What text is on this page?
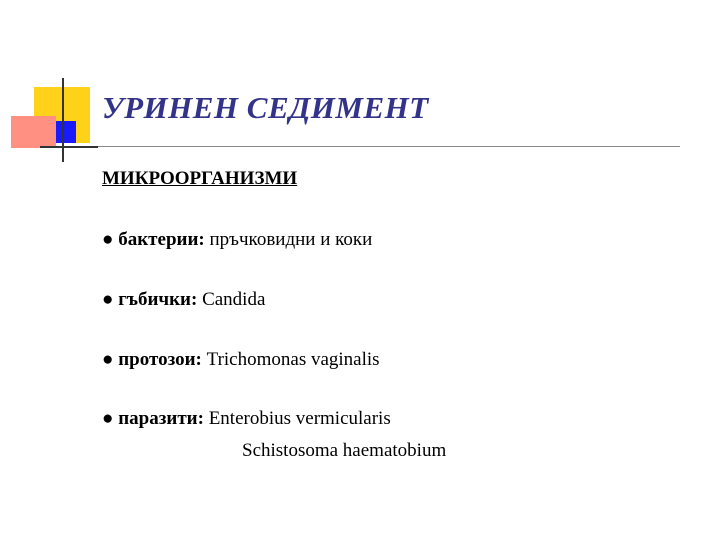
УРИНЕН СЕДИМЕНТ
МИКРООРГАНИЗМИ
● бактерии: пръчковидни и коки
● гъбички: Candida
● протозои: Trichomonas vaginalis
● паразити: Enterobius vermicularis
Schistosoma haematobium
